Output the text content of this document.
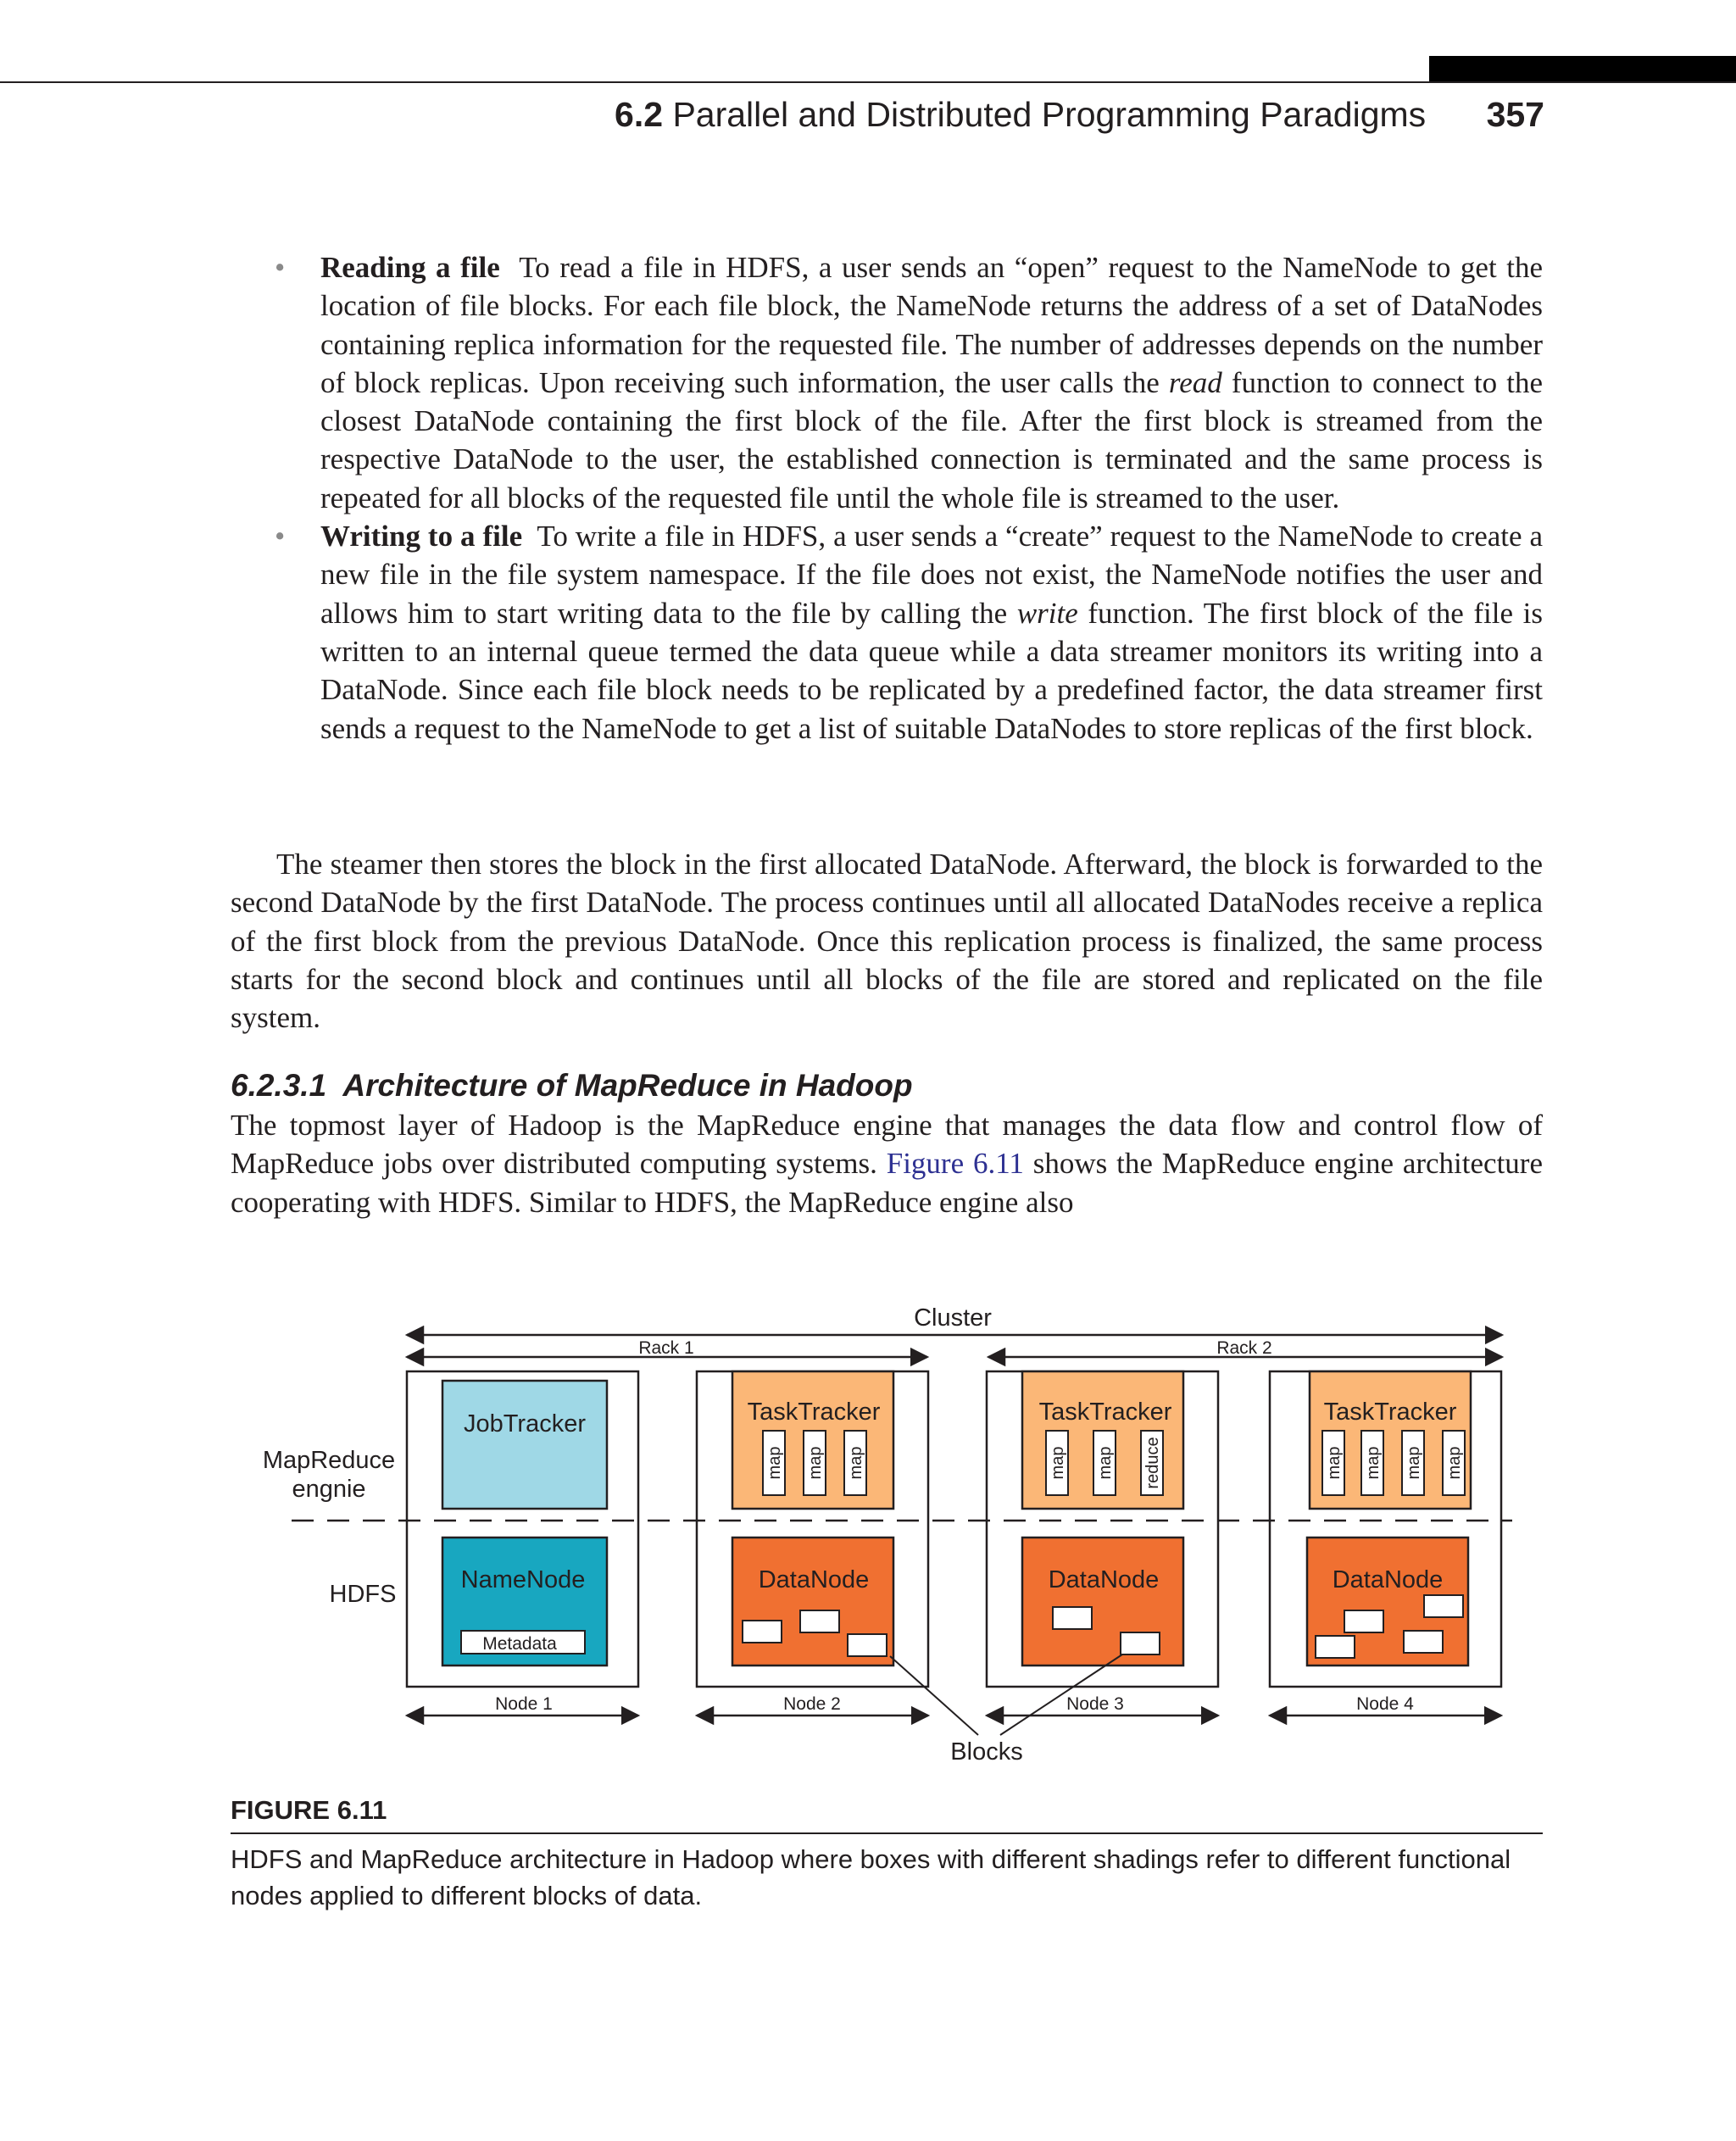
6.2 Parallel and Distributed Programming Paradigms 357
• Reading a file To read a file in HDFS, a user sends an “open” request to the NameNode to get the location of file blocks. For each file block, the NameNode returns the address of a set of DataNodes containing replica information for the requested file. The number of addresses depends on the number of block replicas. Upon receiving such information, the user calls the read function to connect to the closest DataNode containing the first block of the file. After the first block is streamed from the respective DataNode to the user, the established connection is terminated and the same process is repeated for all blocks of the requested file until the whole file is streamed to the user.
• Writing to a file To write a file in HDFS, a user sends a “create” request to the NameNode to create a new file in the file system namespace. If the file does not exist, the NameNode notifies the user and allows him to start writing data to the file by calling the write function. The first block of the file is written to an internal queue termed the data queue while a data streamer monitors its writing into a DataNode. Since each file block needs to be replicated by a predefined factor, the data streamer first sends a request to the NameNode to get a list of suitable DataNodes to store replicas of the first block.
The steamer then stores the block in the first allocated DataNode. Afterward, the block is forwarded to the second DataNode by the first DataNode. The process continues until all allocated DataNodes receive a replica of the first block from the previous DataNode. Once this replication process is finalized, the same process starts for the second block and continues until all blocks of the file are stored and replicated on the file system.
6.2.3.1 Architecture of MapReduce in Hadoop
The topmost layer of Hadoop is the MapReduce engine that manages the data flow and control flow of MapReduce jobs over distributed computing systems. Figure 6.11 shows the MapReduce engine architecture cooperating with HDFS. Similar to HDFS, the MapReduce engine also
Cluster
Rack 1	Rack 2
MapReduce
engnie
HDFS
JobTracker
NameNode
Metadata
TaskTracker
map map map
DataNode
TaskTracker
map map reduce
DataNode
TaskTracker
map map map map
DataNode
Blocks
Node 1	Node 2	Node 3	Node 4
FIGURE 6.11
HDFS and MapReduce architecture in Hadoop where boxes with different shadings refer to different functional nodes applied to different blocks of data.
